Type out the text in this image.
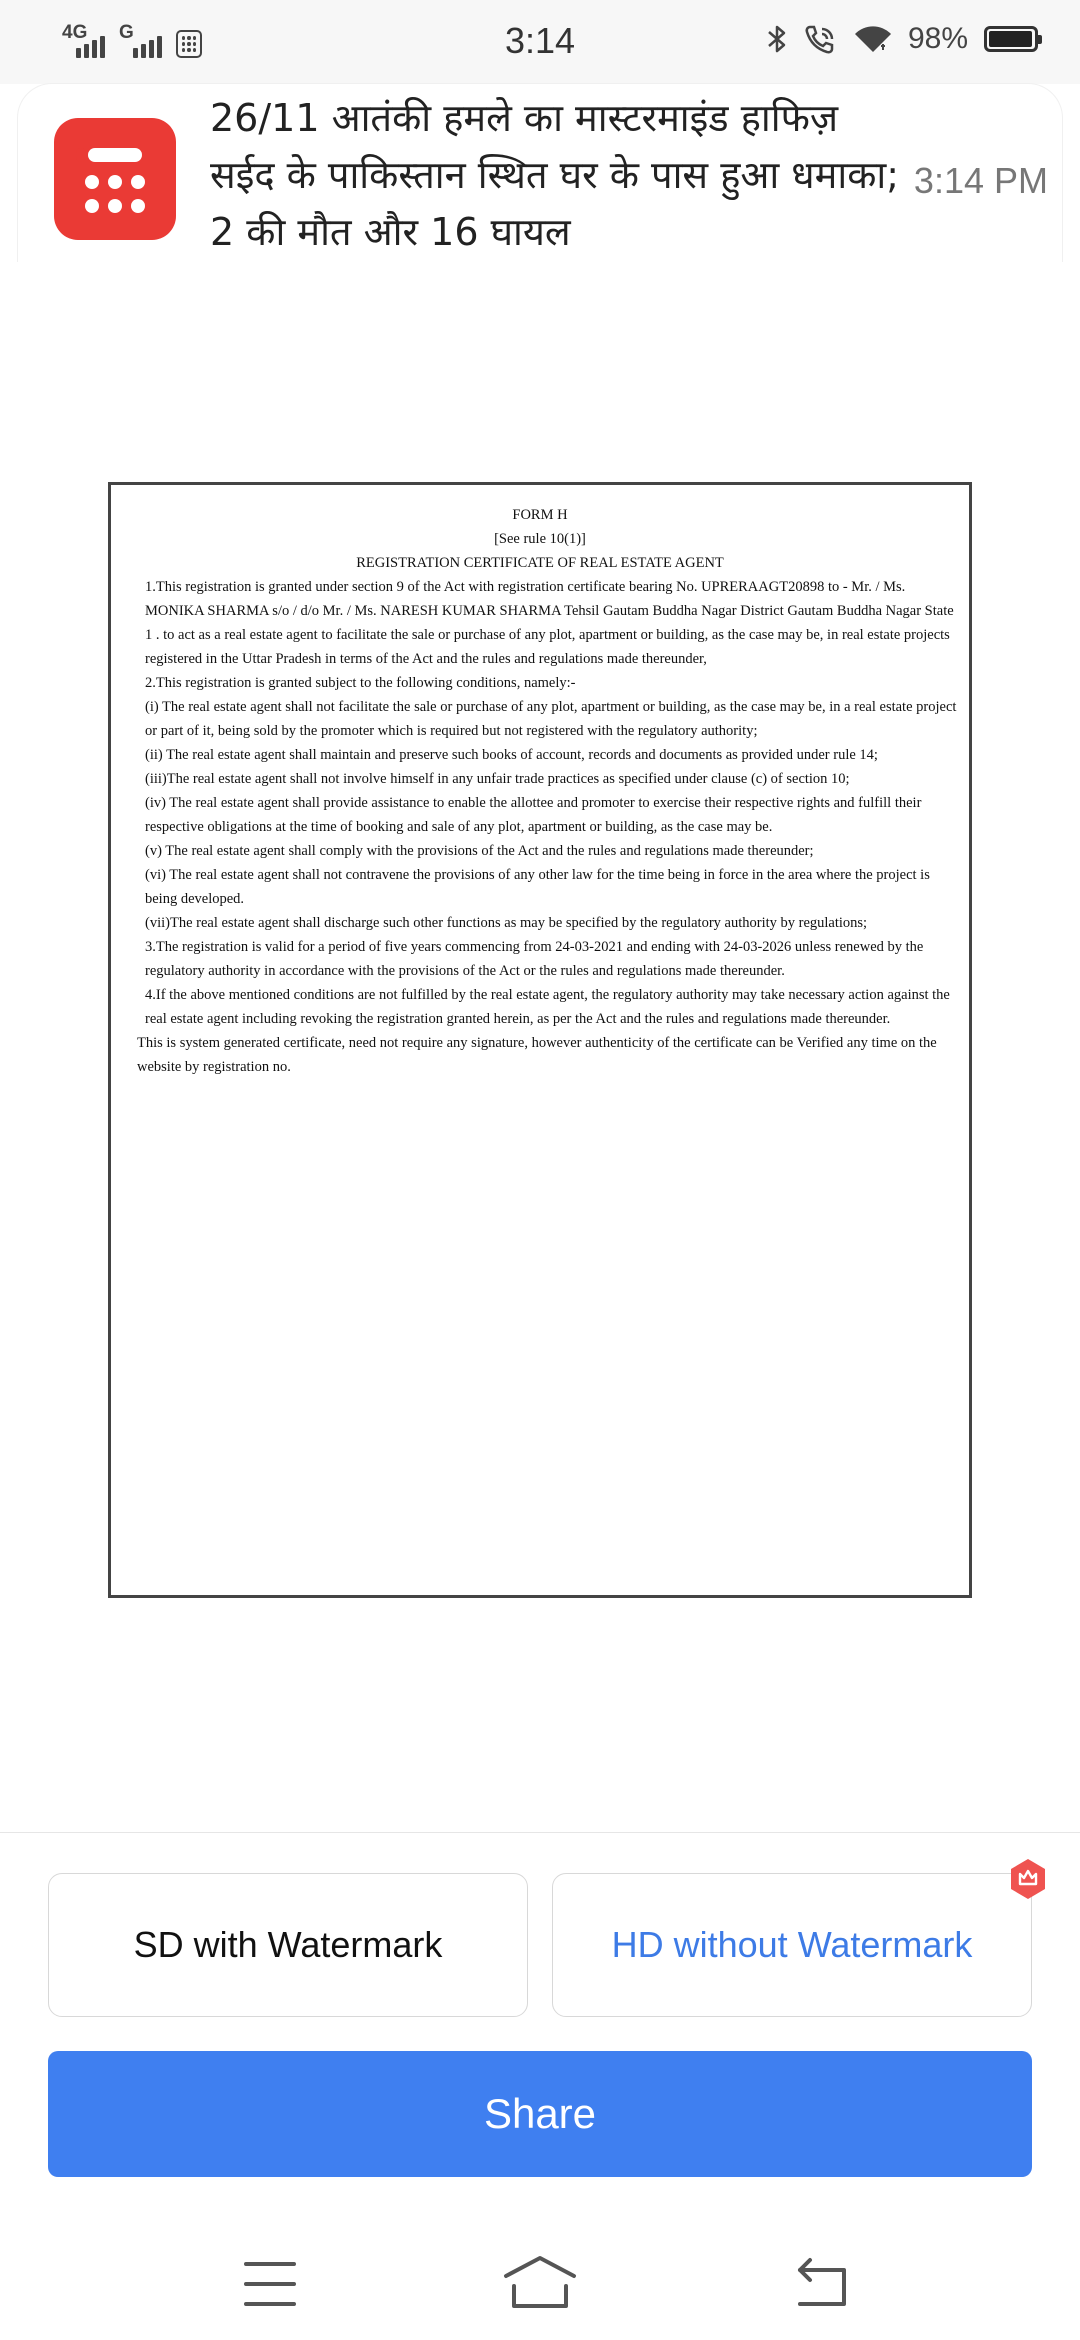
4G G	3:14	98%
26/11 आतंकी हमले का मास्टरमाइंड हाफिज़ सईद के पाकिस्तान स्थित घर के पास हुआ धमाका; 2 की मौत और 16 घायल
3:14 PM
FORM H
[See rule 10(1)]
REGISTRATION CERTIFICATE OF REAL ESTATE AGENT
1.This registration is granted under section 9 of the Act with registration certificate bearing No. UPRERAAGT20898 to - Mr. / Ms. MONIKA SHARMA s/o / d/o Mr. / Ms. NARESH KUMAR SHARMA Tehsil Gautam Buddha Nagar District Gautam Buddha Nagar State 1 . to act as a real estate agent to facilitate the sale or purchase of any plot, apartment or building, as the case may be, in real estate projects registered in the Uttar Pradesh in terms of the Act and the rules and regulations made thereunder,
2.This registration is granted subject to the following conditions, namely:-
(i) The real estate agent shall not facilitate the sale or purchase of any plot, apartment or building, as the case may be, in a real estate project or part of it, being sold by the promoter which is required but not registered with the regulatory authority;
(ii) The real estate agent shall maintain and preserve such books of account, records and documents as provided under rule 14;
(iii)The real estate agent shall not involve himself in any unfair trade practices as specified under clause (c) of section 10;
(iv) The real estate agent shall provide assistance to enable the allottee and promoter to exercise their respective rights and fulfill their respective obligations at the time of booking and sale of any plot, apartment or building, as the case may be.
(v) The real estate agent shall comply with the provisions of the Act and the rules and regulations made thereunder;
(vi) The real estate agent shall not contravene the provisions of any other law for the time being in force in the area where the project is being developed.
(vii)The real estate agent shall discharge such other functions as may be specified by the regulatory authority by regulations;
3.The registration is valid for a period of five years commencing from 24-03-2021 and ending with 24-03-2026 unless renewed by the regulatory authority in accordance with the provisions of the Act or the rules and regulations made thereunder.
4.If the above mentioned conditions are not fulfilled by the real estate agent, the regulatory authority may take necessary action against the real estate agent including revoking the registration granted herein, as per the Act and the rules and regulations made thereunder.
This is system generated certificate, need not require any signature, however authenticity of the certificate can be Verified any time on the website by registration no.
SD with Watermark	HD without Watermark
Share
